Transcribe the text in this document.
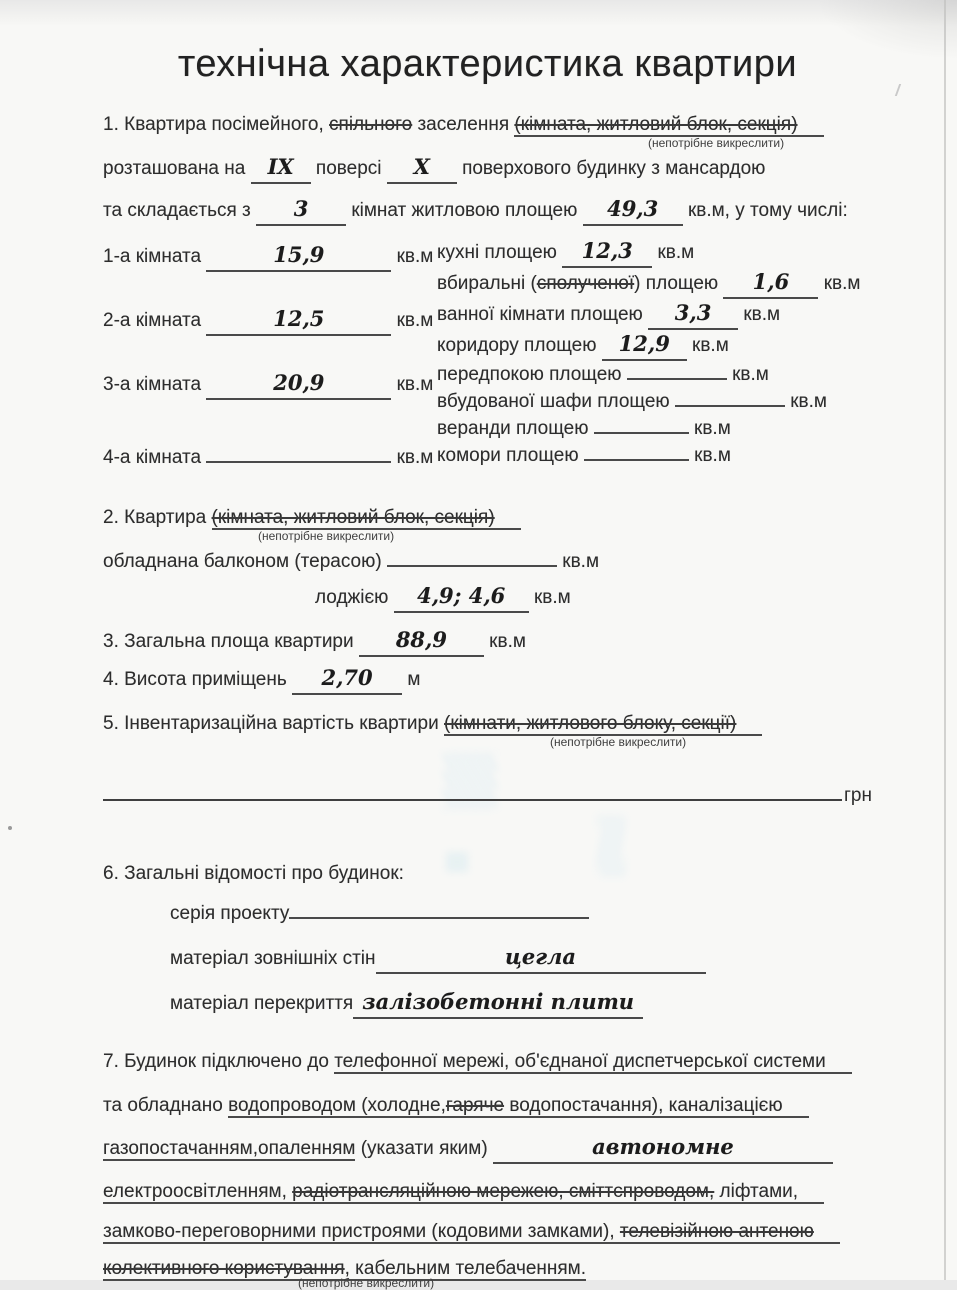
технічна характеристика квартири
1. Квартира посімейного, спільного заселення (кімната, житловий блок, секція)
(непотрібне викреслити)
розташована на IX поверсі X поверхового будинку з мансардою
та складається з 3 кімнат житловою площею 49,3 кв.м, у тому числі:
1-а кімната	15,9	кв.м
2-а кімната	12,5	кв.м
3-а кімната	20,9	кв.м
4-а кімната	кв.м
кухні площею 12,3 кв.м
вбиральні (сполученої) площею 1,6 кв.м
ванної кімнати площею 3,3 кв.м
коридору площею 12,9 кв.м
передпокою площею	кв.м
вбудованої шафи площею	кв.м
веранди площею	кв.м
комори площею	кв.м
2. Квартира (кімната, житловий блок, секція)
(непотрібне викреслити)
обладнана балконом (терасою)	кв.м
лоджією 4,9; 4,6 кв.м
3. Загальна площа квартири 88,9 кв.м
4. Висота приміщень 2,70 м
5. Інвентаризаційна вартість квартири (кімнати, житлового блоку, секції)
(непотрібне викреслити)
грн
6. Загальні відомості про будинок:
серія проекту
матеріал зовнішніх стін	цегла
матеріал перекриття залізобетонні плити
7. Будинок підключено до телефонної мережі, об'єднаної диспетчерської системи
та обладнано водопроводом (холодне,гаряче водопостачання), каналізацією
газопостачанням,опаленням (указати яким)	автономне
електроосвітленням, радіотрансляційною мережею, сміттєпроводом, ліфтами,
замково-переговорними пристроями (кодовими замками), телевізійною антеною
колективного користування, кабельним телебаченням.
(непотрібне викреслити)
